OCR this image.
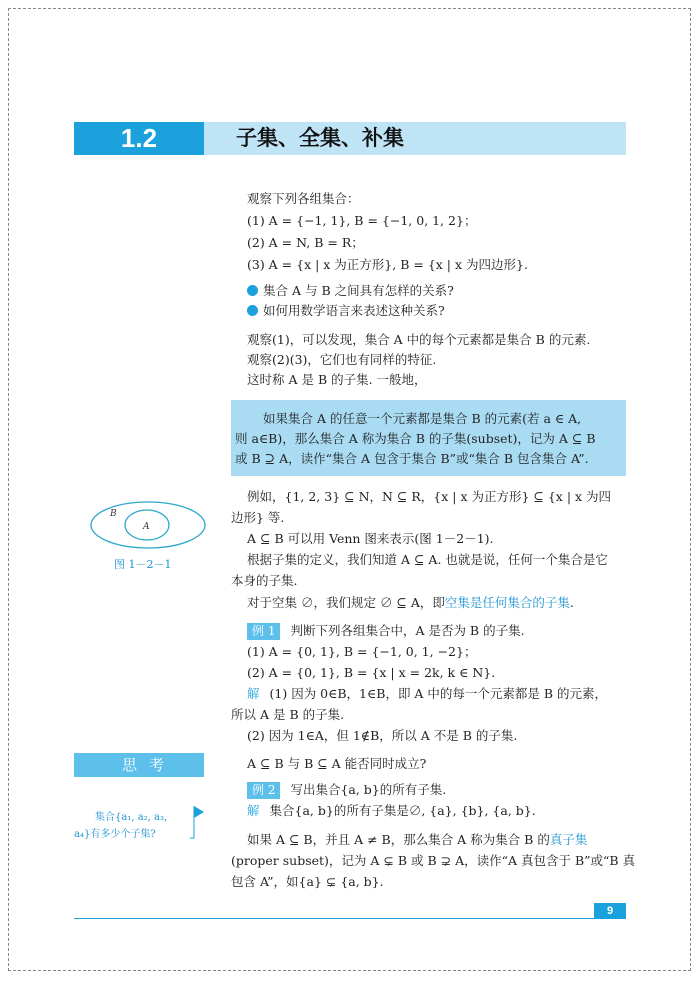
1.2	子集、全集、补集
观察下列各组集合：
(1) A = {−1, 1}, B = {−1, 0, 1, 2}；
(2) A = N, B = R；
(3) A = {x | x 为正方形}, B = {x | x 为四边形}.
集合 A 与 B 之间具有怎样的关系?
如何用数学语言来表述这种关系?
观察(1)，可以发现，集合 A 中的每个元素都是集合 B 的元素.
观察(2)(3)，它们也有同样的特征.
这时称 A 是 B 的子集. 一般地，
如果集合 A 的任意一个元素都是集合 B 的元素(若 a ∈ A,
则 a∈B)，那么集合 A 称为集合 B 的子集(subset)，记为 A ⊆ B
或 B ⊇ A，读作“集合 A 包含于集合 B”或“集合 B 包含集合 A”.
例如，{1, 2, 3} ⊆ N，N ⊆ R，{x | x 为正方形} ⊆ {x | x 为四
边形} 等.
A ⊆ B 可以用 Venn 图来表示(图 1－2－1).
根据子集的定义，我们知道 A ⊆ A. 也就是说，任何一个集合是它
本身的子集.
对于空集 ∅，我们规定 ∅ ⊆ A，即空集是任何集合的子集.
例 1 判断下列各组集合中，A 是否为 B 的子集.
(1) A = {0, 1}, B = {−1, 0, 1, −2}；
(2) A = {0, 1}, B = {x | x = 2k, k ∈ N}.
解 (1) 因为 0∈B，1∈B，即 A 中的每一个元素都是 B 的元素，
所以 A 是 B 的子集.
(2) 因为 1∈A，但 1∉B，所以 A 不是 B 的子集.
A ⊆ B 与 B ⊆ A 能否同时成立?
例 2 写出集合{a, b}的所有子集.
解 集合{a, b}的所有子集是∅, {a}, {b}, {a, b}.
如果 A ⊆ B，并且 A ≠ B，那么集合 A 称为集合 B 的真子集
(proper subset)，记为 A ⊊ B 或 B ⊋ A，读作“A 真包含于 B”或“B 真
包含 A”，如{a} ⊊ {a, b}.
B
A
图 1－2－1
思考
集合{a₁, a₂, a₃,
a₄}有多少个子集?
9
